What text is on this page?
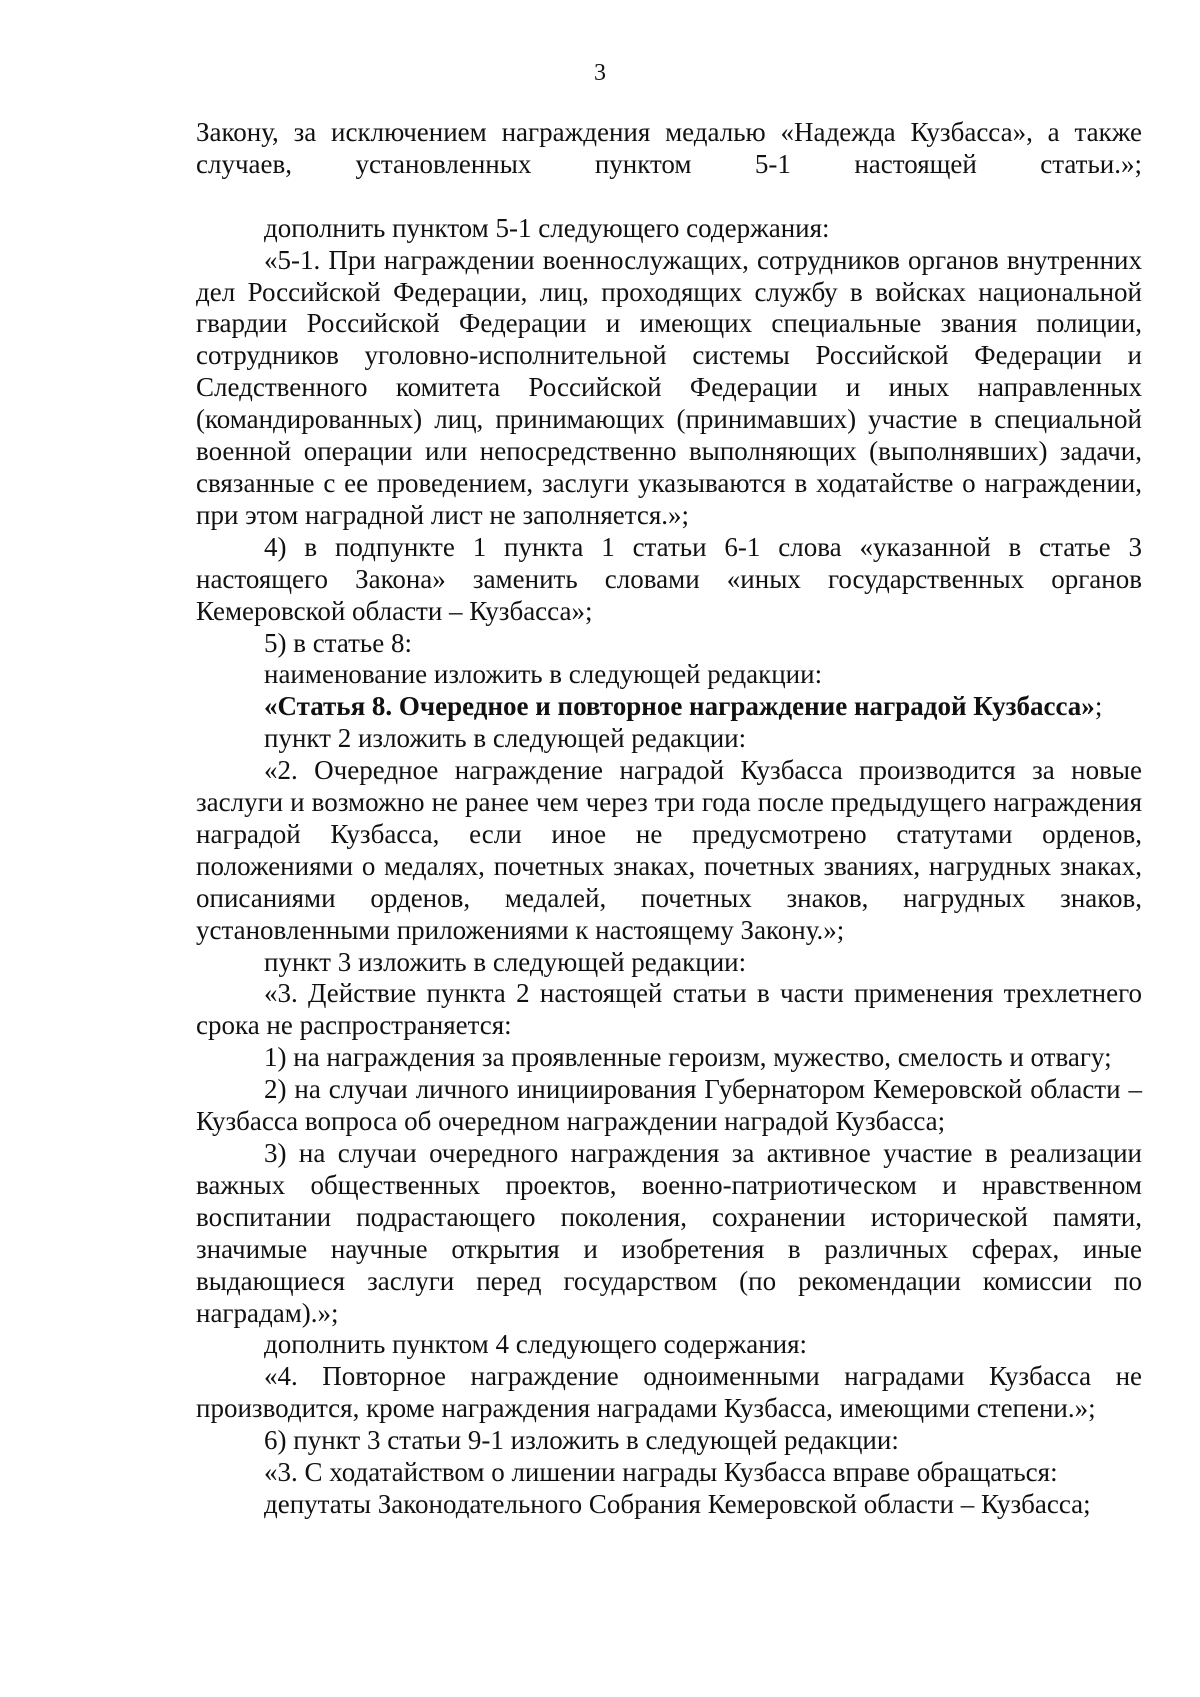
3

Закону, за исключением награждения медалью «Надежда Кузбасса», а также случаев, установленных пунктом 5-1 настоящей статьи.»;

дополнить пунктом 5-1 следующего содержания:

«5-1. При награждении военнослужащих, сотрудников органов внутренних дел Российской Федерации, лиц, проходящих службу в войсках национальной гвардии Российской Федерации и имеющих специальные звания полиции, сотрудников уголовно-исполнительной системы Российской Федерации и Следственного комитета Российской Федерации и иных направленных (командированных) лиц, принимающих (принимавших) участие в специальной военной операции или непосредственно выполняющих (выполнявших) задачи, связанные с ее проведением, заслуги указываются в ходатайстве о награждении, при этом наградной лист не заполняется.»;

4) в подпункте 1 пункта 1 статьи 6-1 слова «указанной в статье 3 настоящего Закона» заменить словами «иных государственных органов Кемеровской области – Кузбасса»;

5) в статье 8:

наименование изложить в следующей редакции:

«Статья 8. Очередное и повторное награждение наградой Кузбасса»;

пункт 2 изложить в следующей редакции:

«2. Очередное награждение наградой Кузбасса производится за новые заслуги и возможно не ранее чем через три года после предыдущего награждения наградой Кузбасса, если иное не предусмотрено статутами орденов, положениями о медалях, почетных знаках, почетных званиях, нагрудных знаках, описаниями орденов, медалей, почетных знаков, нагрудных знаков, установленными приложениями к настоящему Закону.»;

пункт 3 изложить в следующей редакции:

«3. Действие пункта 2 настоящей статьи в части применения трехлетнего срока не распространяется:

1) на награждения за проявленные героизм, мужество, смелость и отвагу;

2) на случаи личного инициирования Губернатором Кемеровской области – Кузбасса вопроса об очередном награждении наградой Кузбасса;

3) на случаи очередного награждения за активное участие в реализации важных общественных проектов, военно-патриотическом и нравственном воспитании подрастающего поколения, сохранении исторической памяти, значимые научные открытия и изобретения в различных сферах, иные выдающиеся заслуги перед государством (по рекомендации комиссии по наградам).»;

дополнить пунктом 4 следующего содержания:

«4. Повторное награждение одноименными наградами Кузбасса не производится, кроме награждения наградами Кузбасса, имеющими степени.»;

6) пункт 3 статьи 9-1 изложить в следующей редакции:

«3. С ходатайством о лишении награды Кузбасса вправе обращаться:

депутаты Законодательного Собрания Кемеровской области – Кузбасса;
